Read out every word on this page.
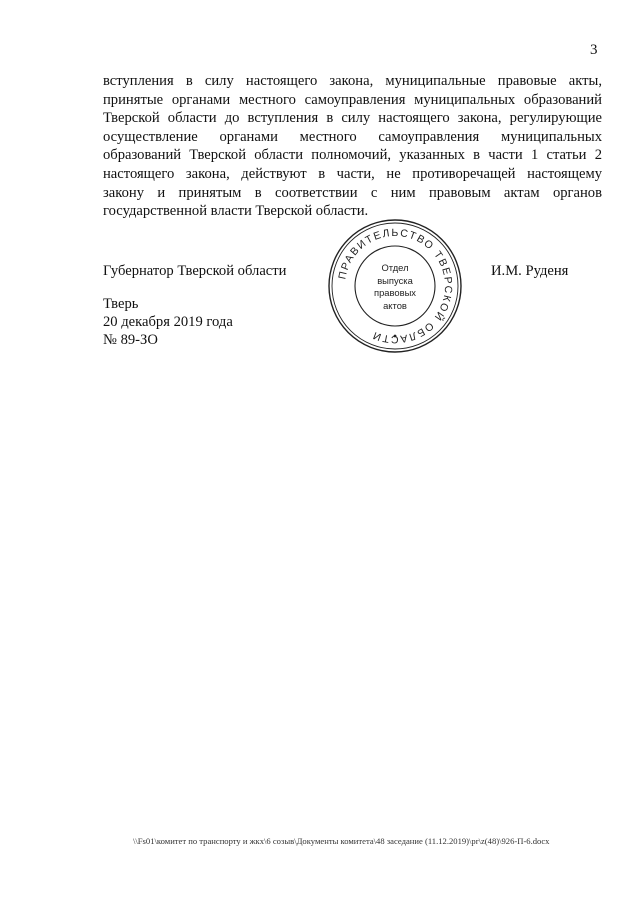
3
вступления в силу настоящего закона, муниципальные правовые акты,
принятые органами местного самоуправления муниципальных образований
Тверской области до вступления в силу настоящего закона, регулирующие
осуществление органами местного самоуправления муниципальных
образований Тверской области полномочий, указанных в части 1 статьи 2
настоящего закона, действуют в части, не противоречащей настоящему
закону и принятым в соответствии с ним правовым актам органов
государственной власти Тверской области.
Губернатор Тверской области	ПРАВИТЕЛЬСТВО ТВЕРСКОЙ ОБЛАСТИ
Отдел
выпуска
правовых
актов
И.М. Руденя
Тверь
20 декабря 2019 года
№ 89-ЗО
\\Fs01\комитет по транспорту и жкх\6 созыв\Документы комитета\48 заседание (11.12.2019)\pr\z(48)\926-П-6.docx
